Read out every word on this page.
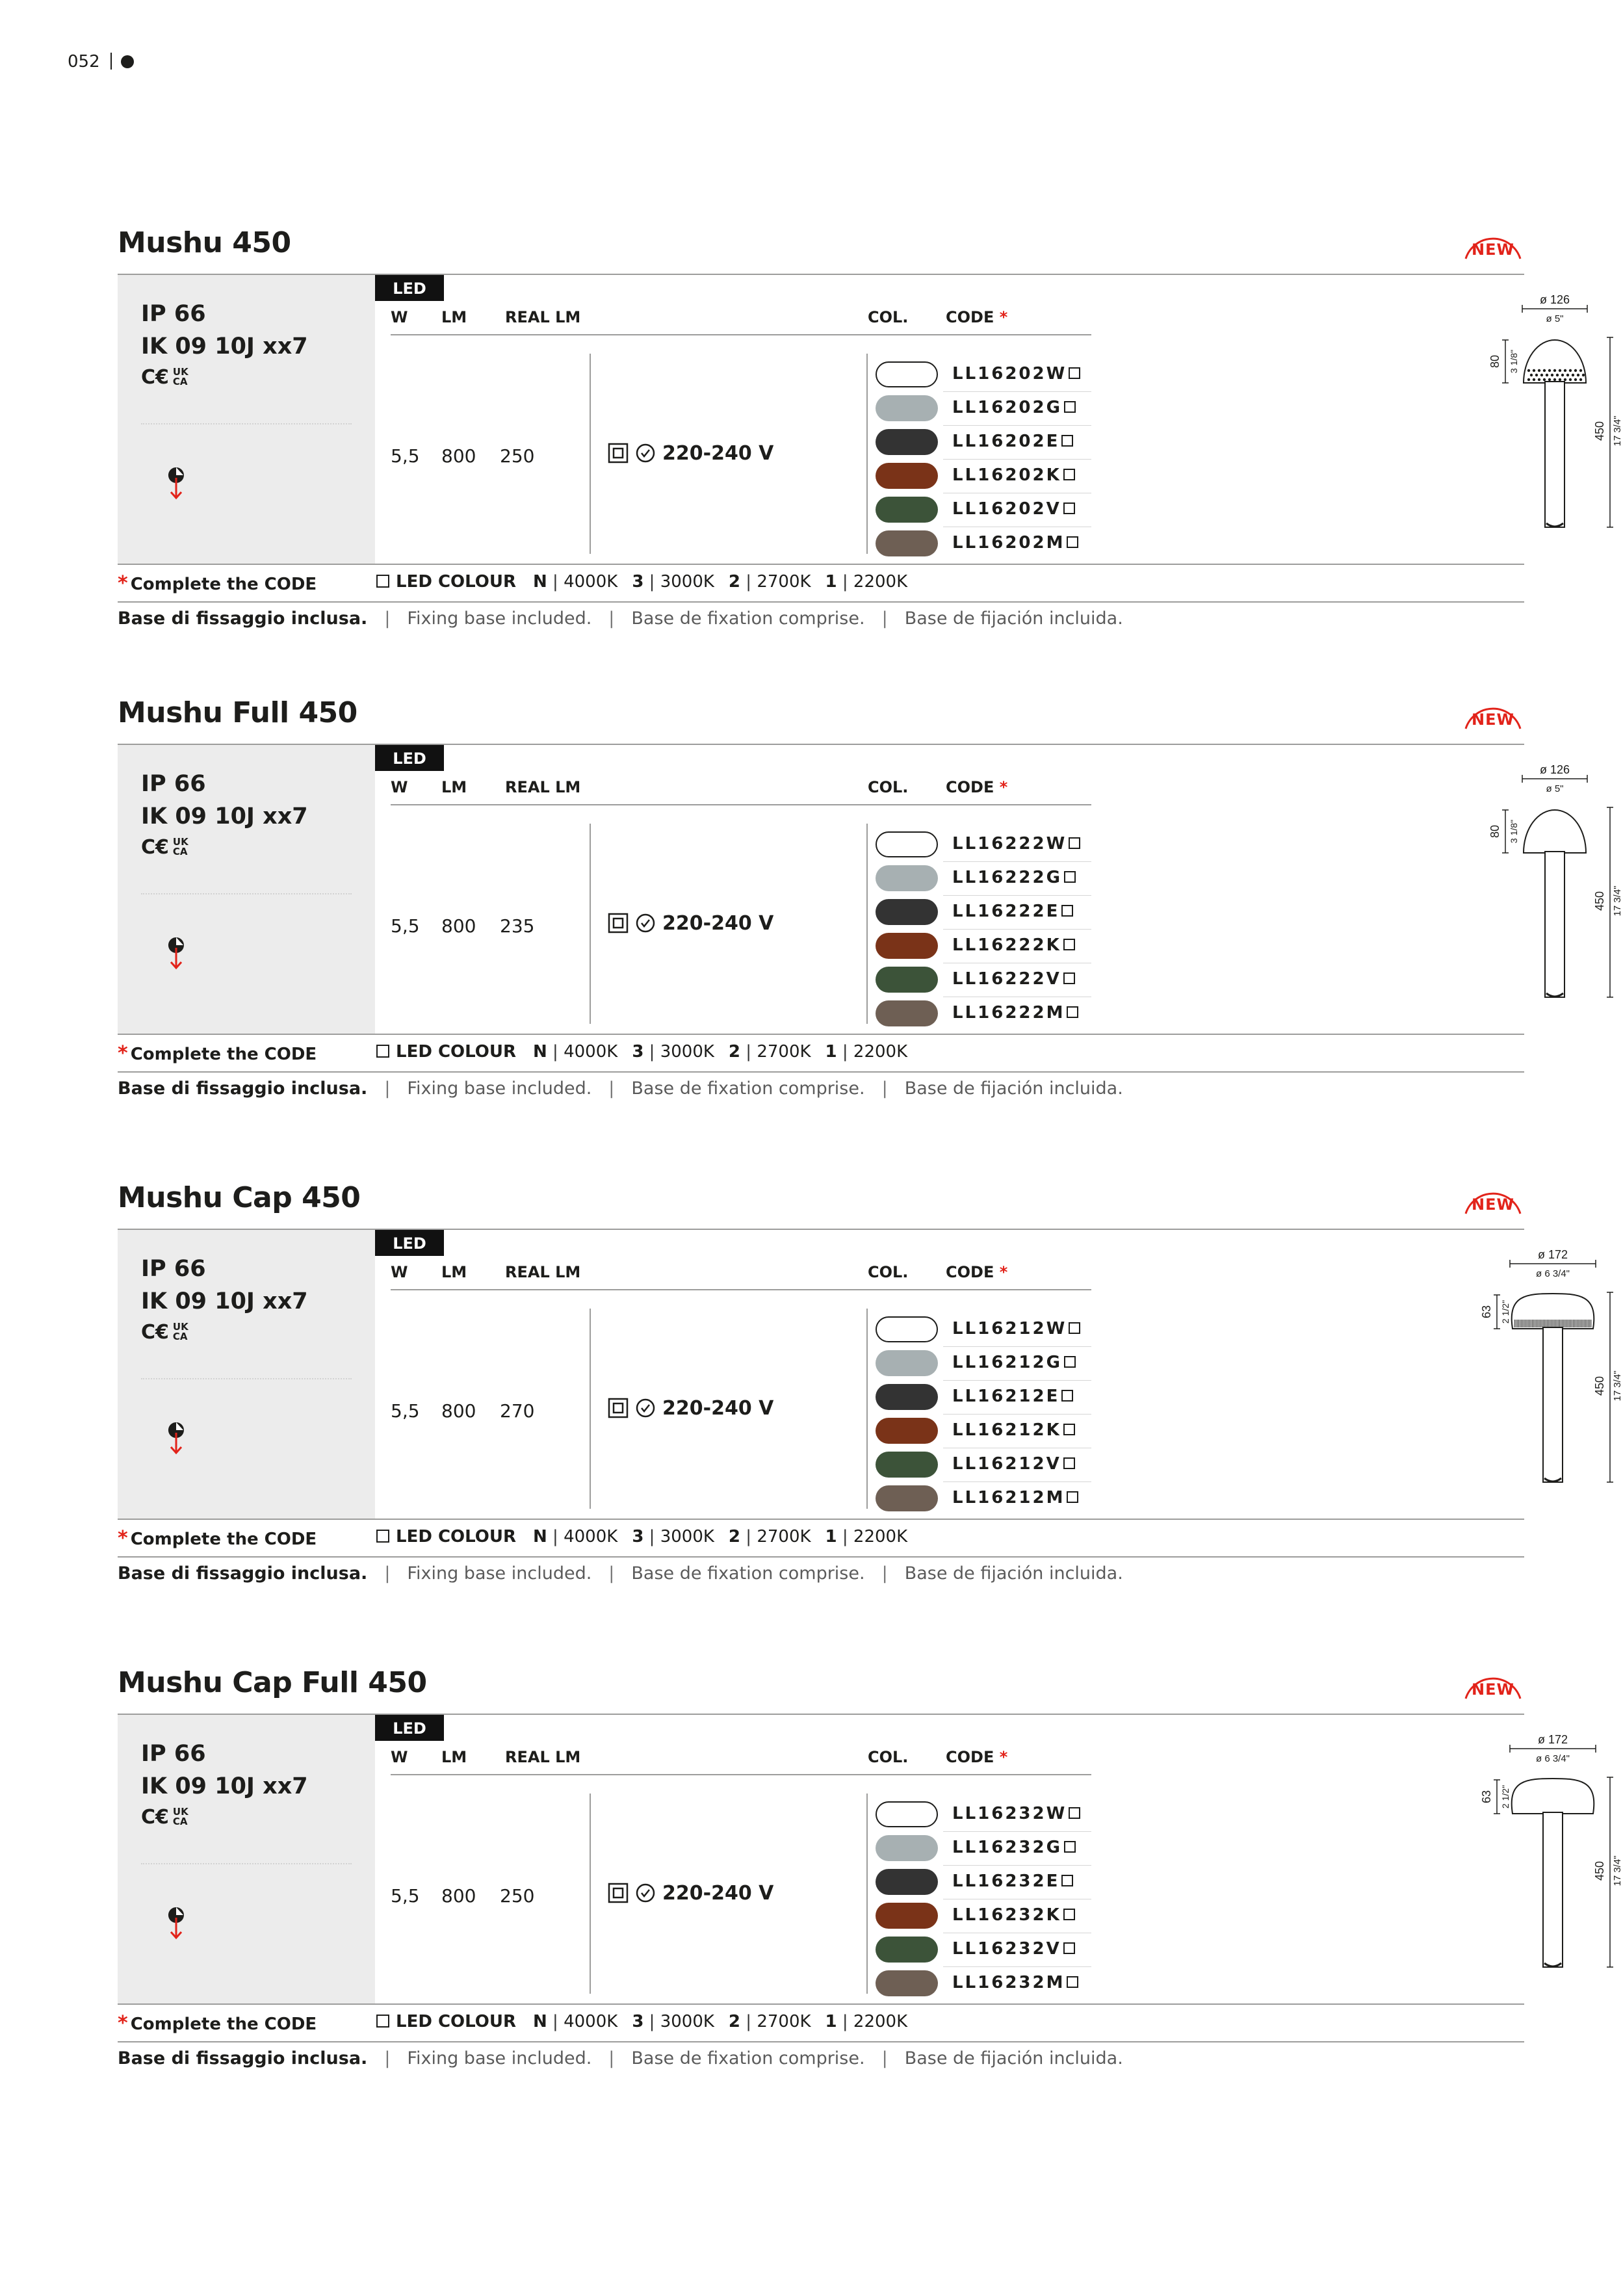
052
Mushu 450	NEW
IP 66
IK 09 10J xx7
C€ UK
CA
LED
W LM REAL LM	COL. CODE *
5,5 800 250	220-240 V
LL16202W
LL16202G
LL16202E
LL16202K
LL16202V
LL16202M
ø 126
ø 5"
80 3 1/8"
450 17 3/4"
* Complete the CODE	LED COLOUR N | 4000K 3 | 3000K 2 | 2700K 1 | 2200K
Base di fissaggio inclusa. | Fixing base included. | Base de fixation comprise. | Base de fijación incluida.
Mushu Full 450	NEW
IP 66
IK 09 10J xx7
C€ UK
CA
LED
W LM REAL LM	COL. CODE *
5,5 800 235	220-240 V
LL16222W
LL16222G
LL16222E
LL16222K
LL16222V
LL16222M
ø 126
ø 5"
80 3 1/8"
450 17 3/4"
* Complete the CODE	LED COLOUR N | 4000K 3 | 3000K 2 | 2700K 1 | 2200K
Base di fissaggio inclusa. | Fixing base included. | Base de fixation comprise. | Base de fijación incluida.
Mushu Cap 450	NEW
IP 66
IK 09 10J xx7
C€ UK
CA
LED
W LM REAL LM	COL. CODE *
5,5 800 270	220-240 V
LL16212W
LL16212G
LL16212E
LL16212K
LL16212V
LL16212M
ø 172
ø 6 3/4"
63 2 1/2"
450 17 3/4"
* Complete the CODE	LED COLOUR N | 4000K 3 | 3000K 2 | 2700K 1 | 2200K
Base di fissaggio inclusa. | Fixing base included. | Base de fixation comprise. | Base de fijación incluida.
Mushu Cap Full 450	NEW
IP 66
IK 09 10J xx7
C€ UK
CA
LED
W LM REAL LM	COL. CODE *
5,5 800 250	220-240 V
LL16232W
LL16232G
LL16232E
LL16232K
LL16232V
LL16232M
ø 172
ø 6 3/4"
63 2 1/2"
450 17 3/4"
* Complete the CODE	LED COLOUR N | 4000K 3 | 3000K 2 | 2700K 1 | 2200K
Base di fissaggio inclusa. | Fixing base included. | Base de fixation comprise. | Base de fijación incluida.
